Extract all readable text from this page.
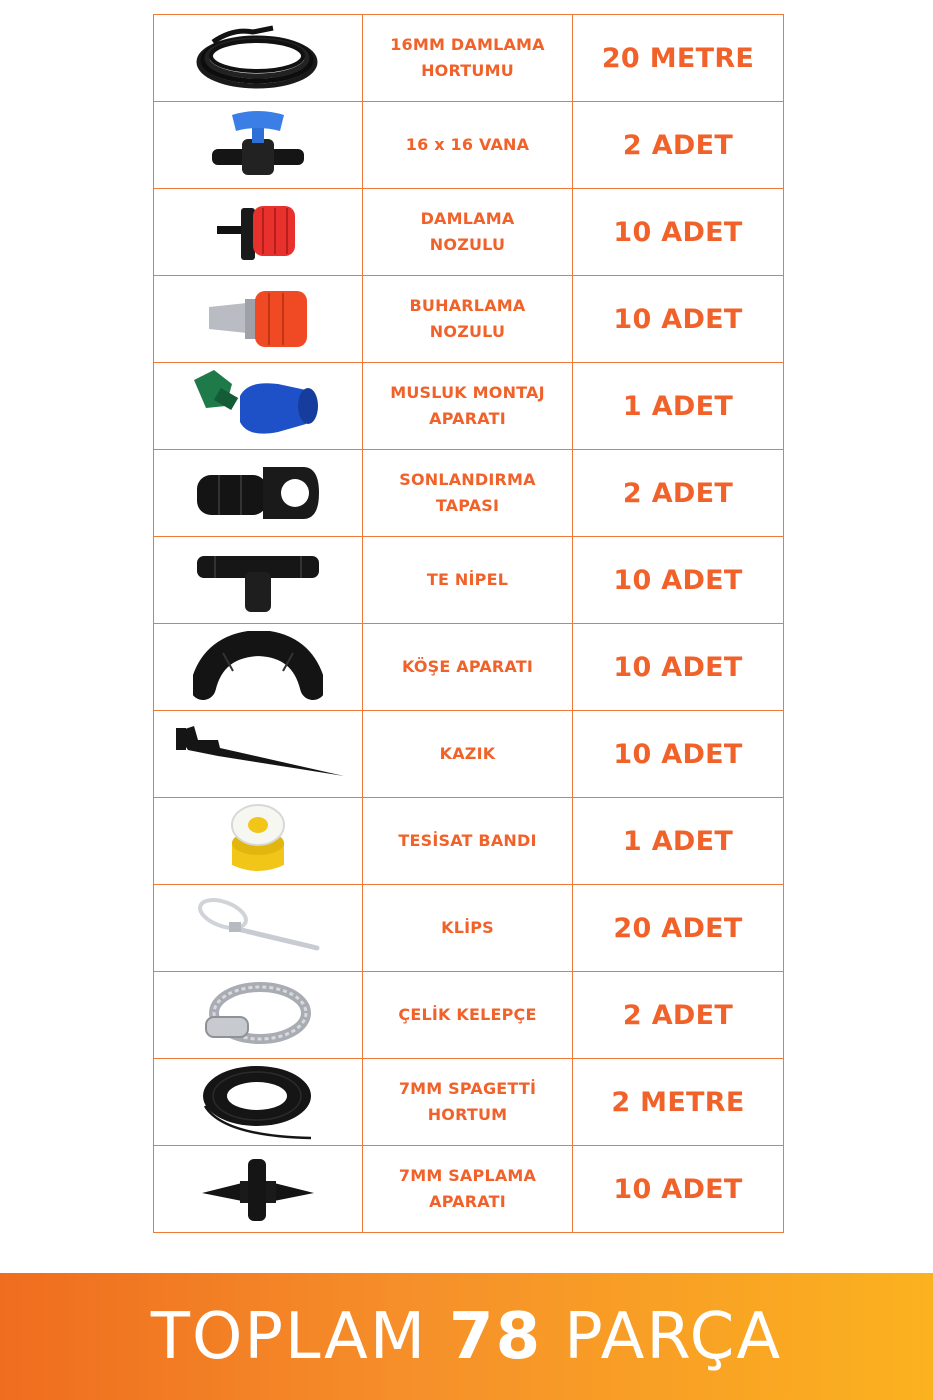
	16MM DAMLAMA HORTUMU	20 METRE

	16 x 16 VANA	2 ADET

	DAMLAMA NOZULU	10 ADET

	BUHARLAMA NOZULU	10 ADET

	MUSLUK MONTAJ APARATI	1 ADET

	SONLANDIRMA TAPASI	2 ADET

	TE NİPEL	10 ADET

	KÖŞE APARATI	10 ADET

	KAZIK	10 ADET

	TESİSAT BANDI	1 ADET

	KLİPS	20 ADET

	ÇELİK KELEPÇE	2 ADET

	7MM SPAGETTİ HORTUM	2 METRE

	7MM SAPLAMA APARATI	10 ADET
TOPLAM 78 PARÇA
